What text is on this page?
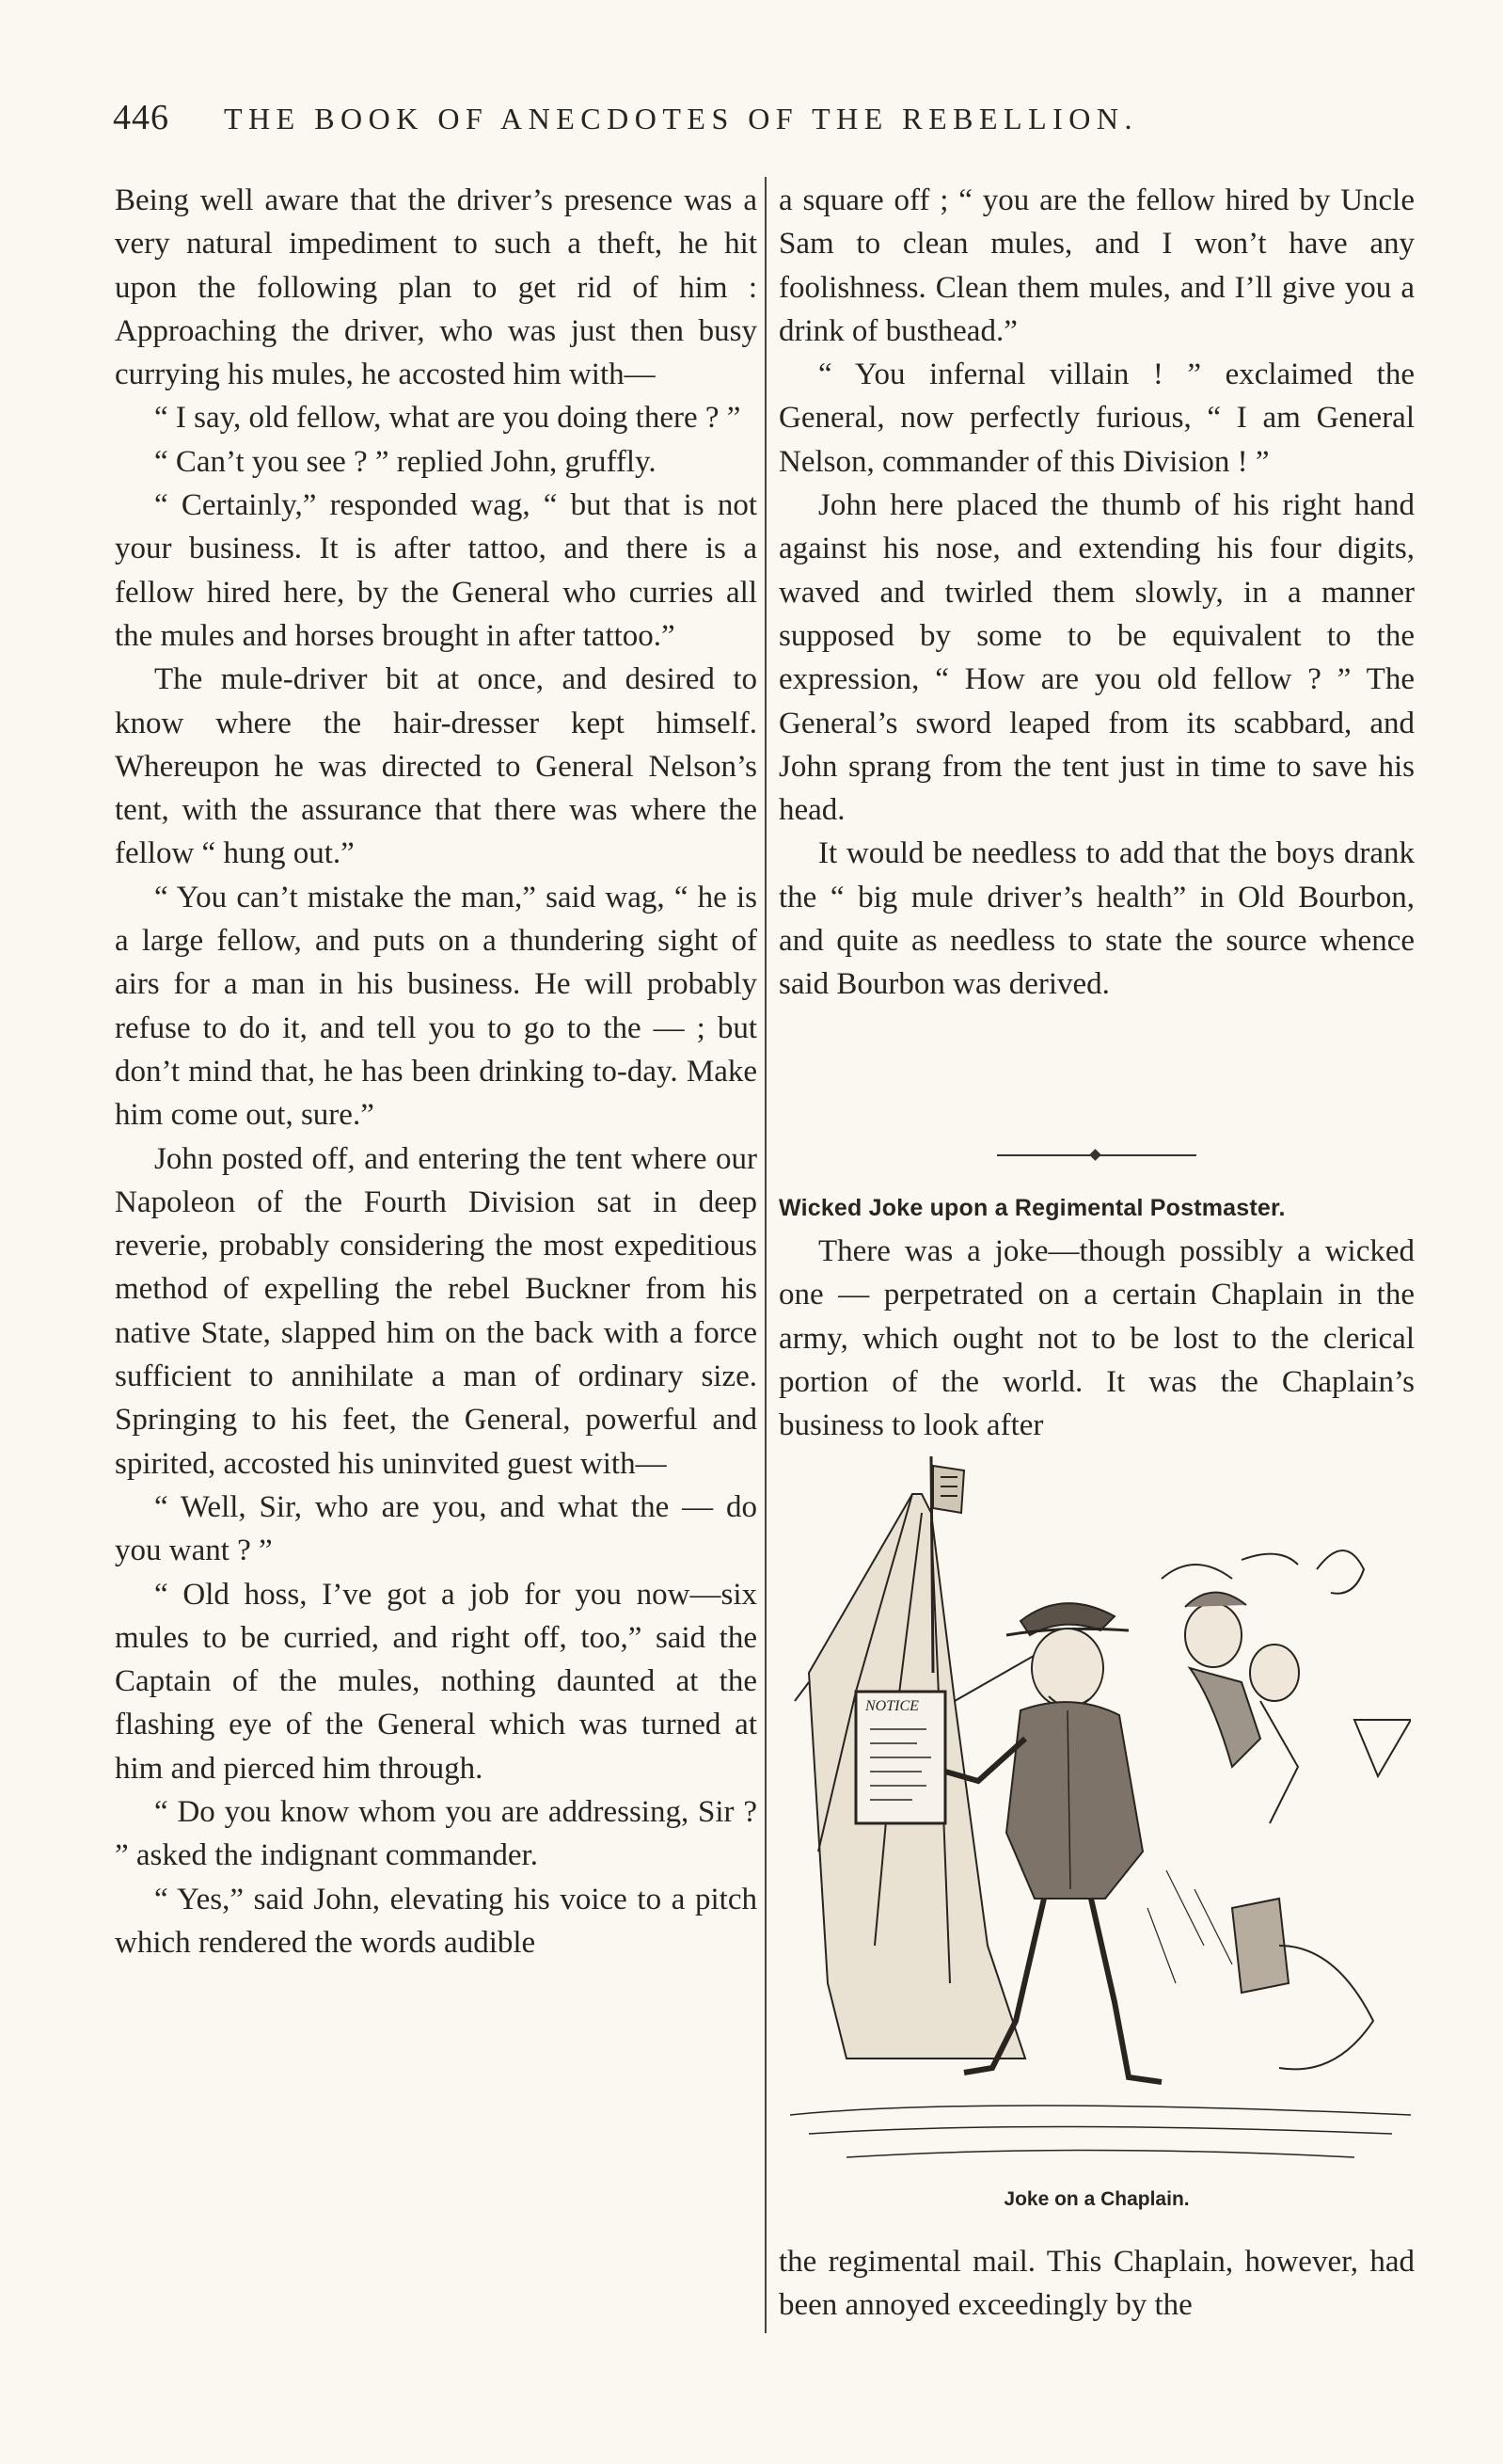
446 THE BOOK OF ANECDOTES OF THE REBELLION.

Being well aware that the driver’s presence was a very natural impediment to such a theft, he hit upon the following plan to get rid of him : Approaching the driver, who was just then busy currying his mules, he accosted him with—

“ I say, old fellow, what are you doing there ? ”

“ Can’t you see ? ” replied John, gruffly.

“ Certainly,” responded wag, “ but that is not your business. It is after tattoo, and there is a fellow hired here, by the General who curries all the mules and horses brought in after tattoo.”

The mule-driver bit at once, and desired to know where the hair-dresser kept himself. Whereupon he was directed to General Nelson’s tent, with the assurance that there was where the fellow “ hung out.”

“ You can’t mistake the man,” said wag, “ he is a large fellow, and puts on a thundering sight of airs for a man in his business. He will probably refuse to do it, and tell you to go to the — ; but don’t mind that, he has been drinking to-day. Make him come out, sure.”

John posted off, and entering the tent where our Napoleon of the Fourth Division sat in deep reverie, probably considering the most expeditious method of expelling the rebel Buckner from his native State, slapped him on the back with a force sufficient to annihilate a man of ordinary size. Springing to his feet, the General, powerful and spirited, accosted his uninvited guest with—

“ Well, Sir, who are you, and what the — do you want ? ”

“ Old hoss, I’ve got a job for you now—six mules to be curried, and right off, too,” said the Captain of the mules, nothing daunted at the flashing eye of the General which was turned at him and pierced him through.

“ Do you know whom you are addressing, Sir ? ” asked the indignant commander.

“ Yes,” said John, elevating his voice to a pitch which rendered the words audible

a square off ; “ you are the fellow hired by Uncle Sam to clean mules, and I won’t have any foolishness. Clean them mules, and I’ll give you a drink of busthead.”

“ You infernal villain ! ” exclaimed the General, now perfectly furious, “ I am General Nelson, commander of this Division ! ”

John here placed the thumb of his right hand against his nose, and extending his four digits, waved and twirled them slowly, in a manner supposed by some to be equivalent to the expression, “ How are you old fellow ? ” The General’s sword leaped from its scabbard, and John sprang from the tent just in time to save his head.

It would be needless to add that the boys drank the “ big mule driver’s health” in Old Bourbon, and quite as needless to state the source whence said Bourbon was derived.

Wicked Joke upon a Regimental Postmaster.

There was a joke—though possibly a wicked one — perpetrated on a certain Chaplain in the army, which ought not to be lost to the clerical portion of the world. It was the Chaplain’s business to look after

NOTICE
Joke on a Chaplain.

the regimental mail. This Chaplain, however, had been annoyed exceedingly by the
